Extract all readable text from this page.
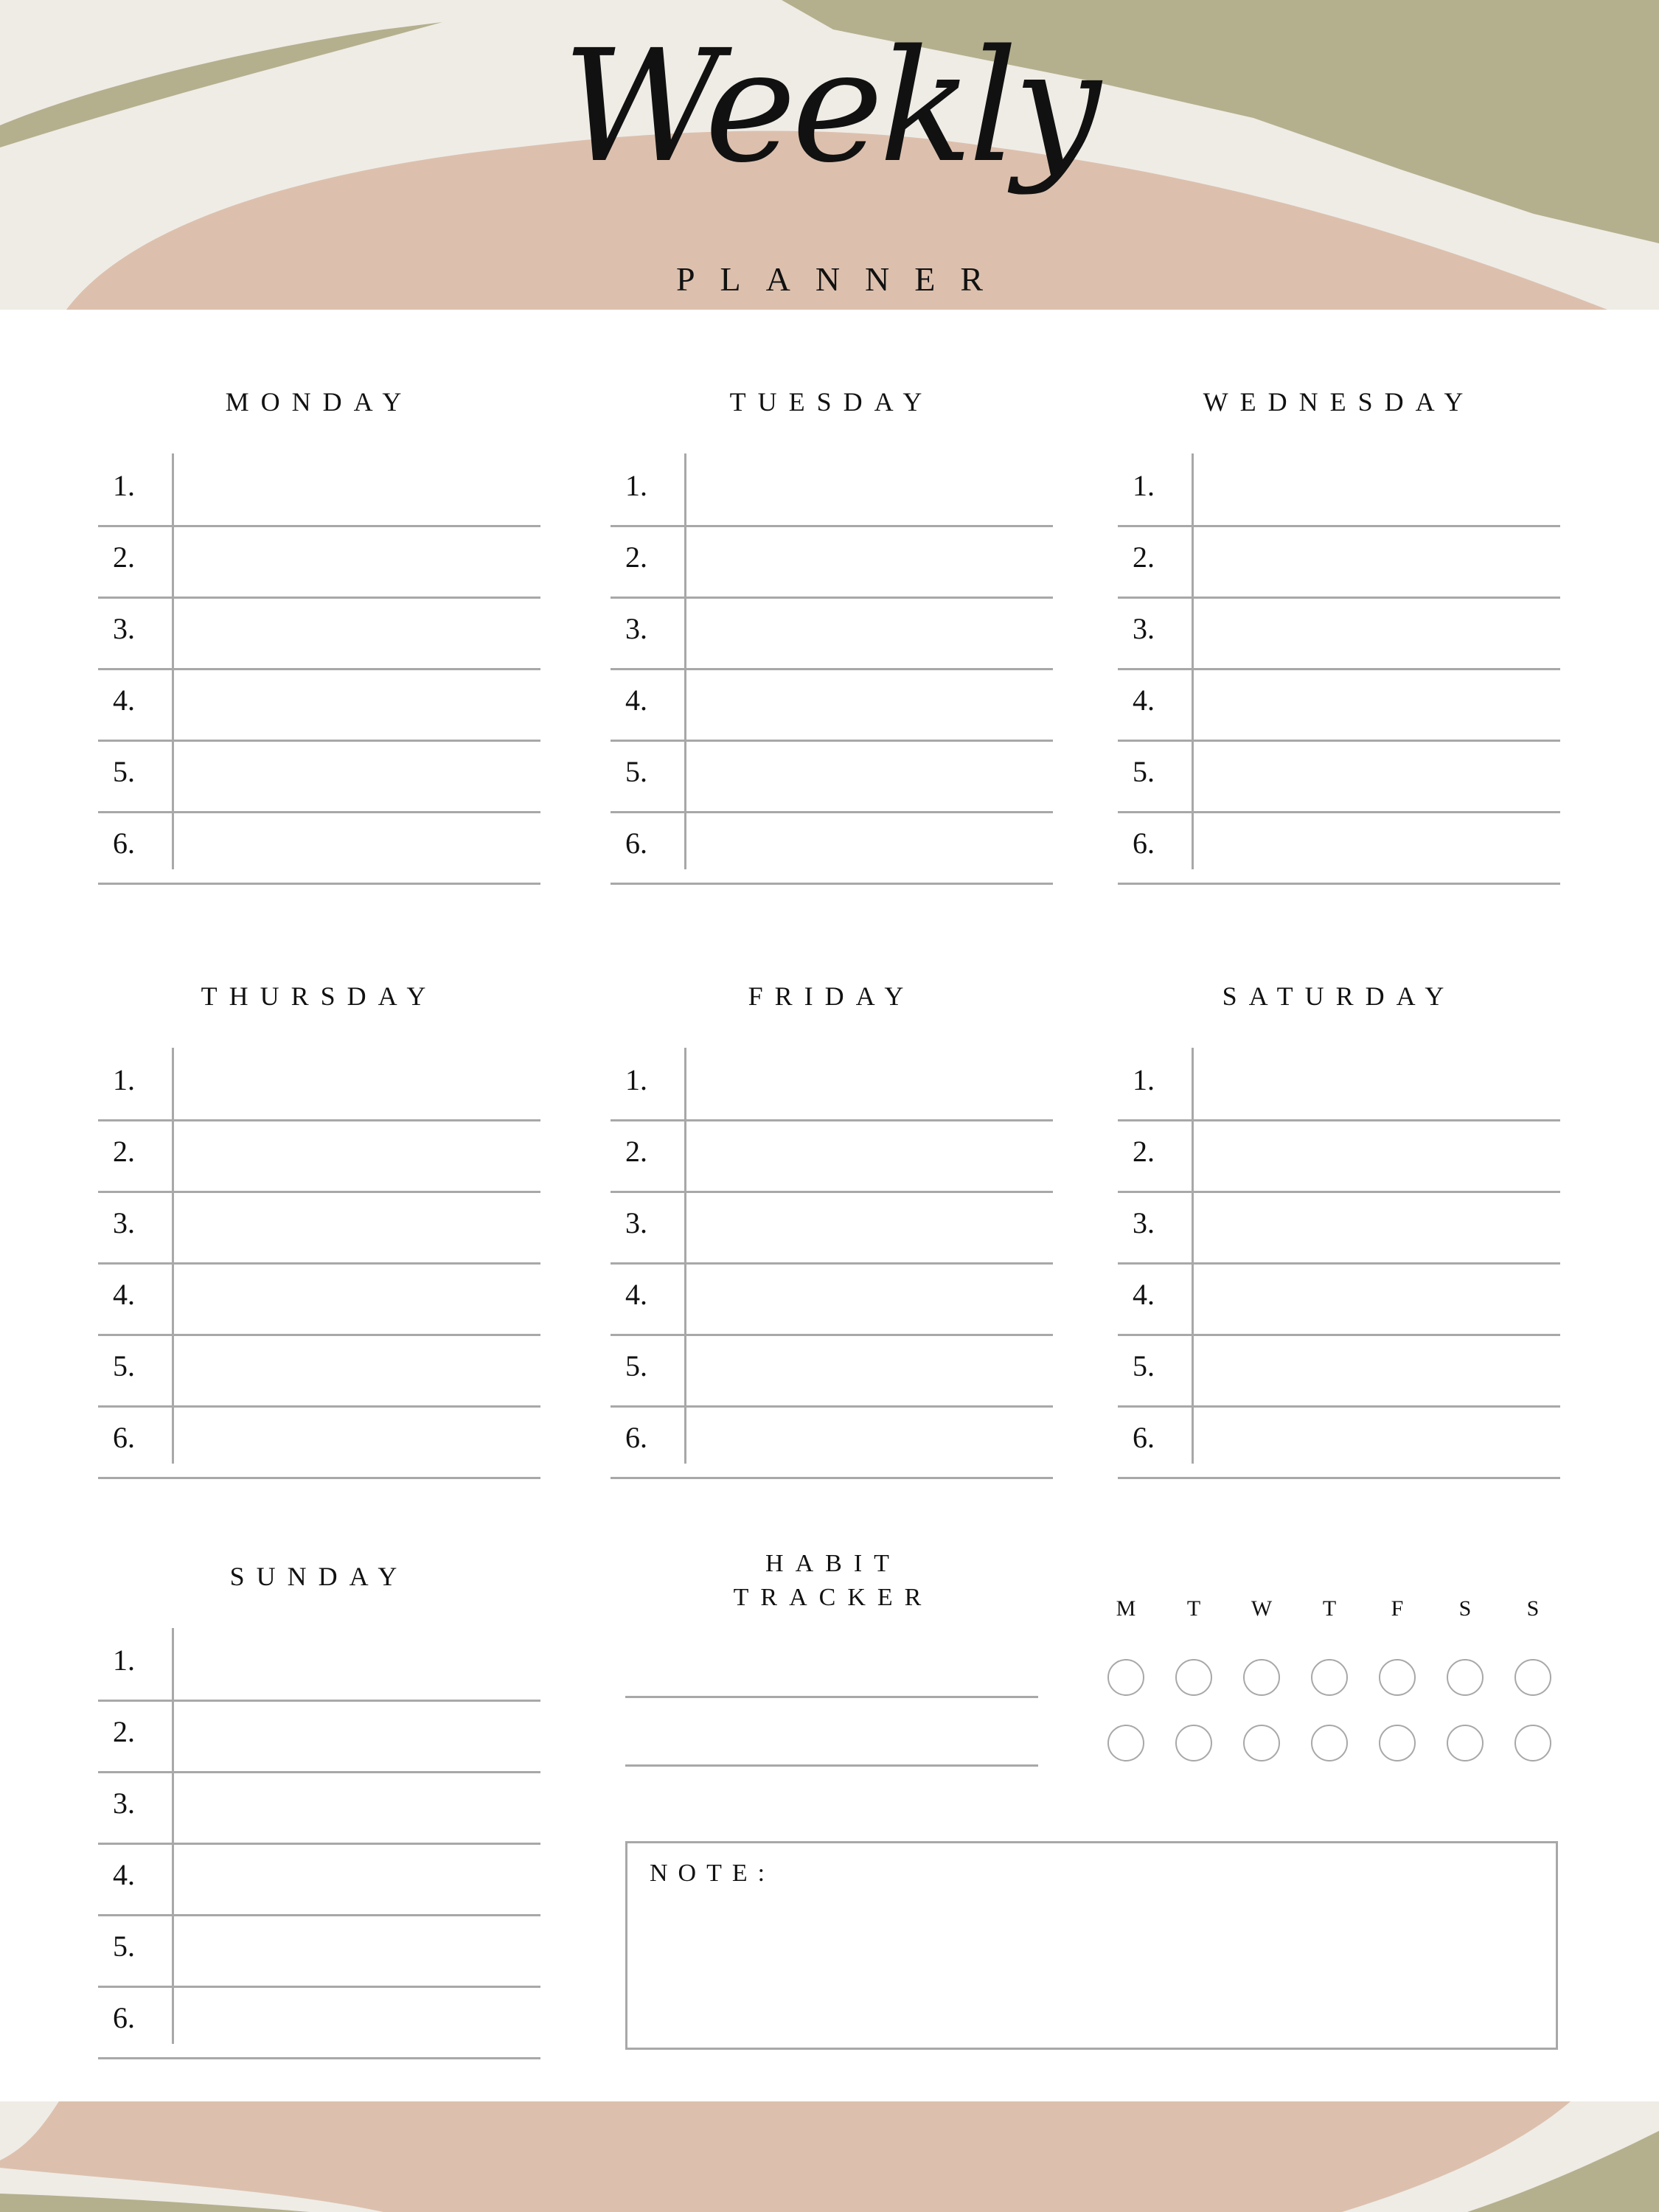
Weekly
PLANNER
MONDAY
1.
2.
3.
4.
5.
6.
TUESDAY
1.
2.
3.
4.
5.
6.
WEDNESDAY
1.
2.
3.
4.
5.
6.
THURSDAY
1.
2.
3.
4.
5.
6.
FRIDAY
1.
2.
3.
4.
5.
6.
SATURDAY
1.
2.
3.
4.
5.
6.
SUNDAY
1.
2.
3.
4.
5.
6.
HABIT
TRACKER	M	T	W	T	F	S	S
NOTE:
